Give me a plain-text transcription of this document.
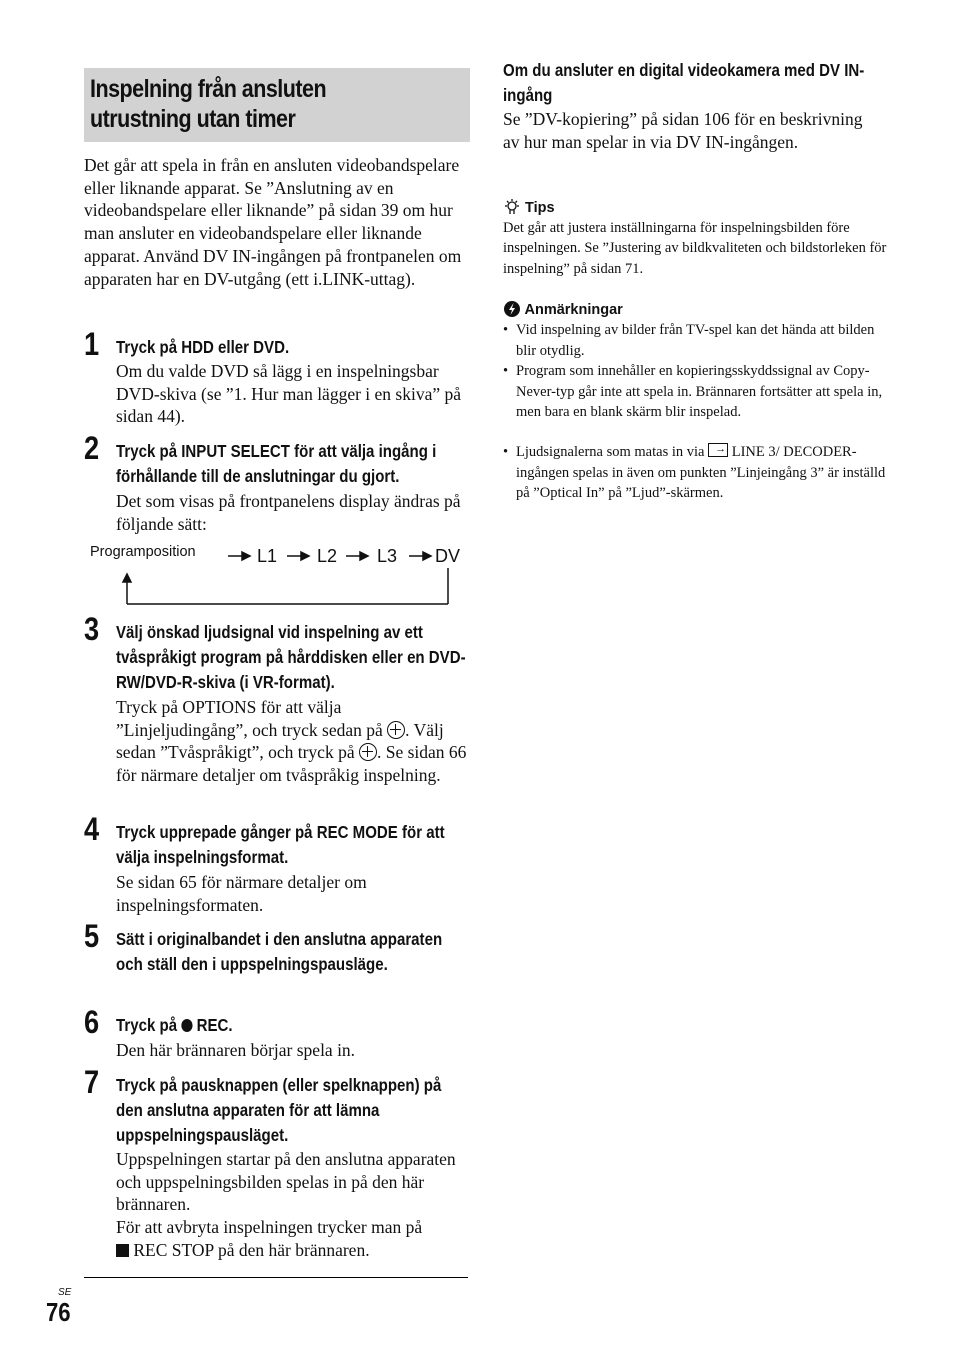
Inspelning från ansluten
utrustning utan timer
Det går att spela in från en ansluten videobandspelare eller liknande apparat. Se ”Anslutning av en videobandspelare eller liknande” på sidan 39 om hur man ansluter en videobandspelare eller liknande apparat. Använd DV IN-ingången på frontpanelen om apparaten har en DV-utgång (ett i.LINK-uttag).
1 Tryck på HDD eller DVD.
Om du valde DVD så lägg i en inspelningsbar DVD-skiva (se ”1. Hur man lägger i en skiva” på sidan 44).
2 Tryck på INPUT SELECT för att välja ingång i förhållande till de anslutningar du gjort.
Det som visas på frontpanelens display ändras på följande sätt:
Programposition	L1 L2 L3 DV
3 Välj önskad ljudsignal vid inspelning av ett tvåspråkigt program på hårddisken eller en DVD-RW/DVD-R-skiva (i VR-format).
Tryck på OPTIONS för att välja ”Linjeljudingång”, och tryck sedan på . Välj sedan ”Tvåspråkigt”, och tryck på . Se sidan 66 för närmare detaljer om tvåspråkig inspelning.
4 Tryck upprepade gånger på REC MODE för att välja inspelningsformat.
Se sidan 65 för närmare detaljer om inspelningsformaten.
5 Sätt i originalbandet i den anslutna apparaten och ställ den i uppspelningspausläge.
6 Tryck på REC.
Den här brännaren börjar spela in.
7 Tryck på pausknappen (eller spelknappen) på den anslutna apparaten för att lämna uppspelningspausläget.
Uppspelningen startar på den anslutna apparaten och uppspelningsbilden spelas in på den här brännaren.
För att avbryta inspelningen trycker man på
REC STOP på den här brännaren.
Om du ansluter en digital videokamera med DV IN-ingång
Se ”DV-kopiering” på sidan 106 för en beskrivning av hur man spelar in via DV IN-ingången.
Tips
Det går att justera inställningarna för inspelningsbilden före inspelningen. Se ”Justering av bildkvaliteten och bildstorleken för inspelning” på sidan 71.
Anmärkningar
• Vid inspelning av bilder från TV-spel kan det hända att bilden blir otydlig.
• Program som innehåller en kopieringsskyddssignal av Copy-Never-typ går inte att spela in. Brännaren fortsätter att spela in, men bara en blank skärm blir inspelad.
• Ljudsignalerna som matas in via → LINE 3/ DECODER-ingången spelas in även om punkten ”Linjeingång 3” är inställd på ”Optical In” på ”Ljud”-skärmen.
SE
76
